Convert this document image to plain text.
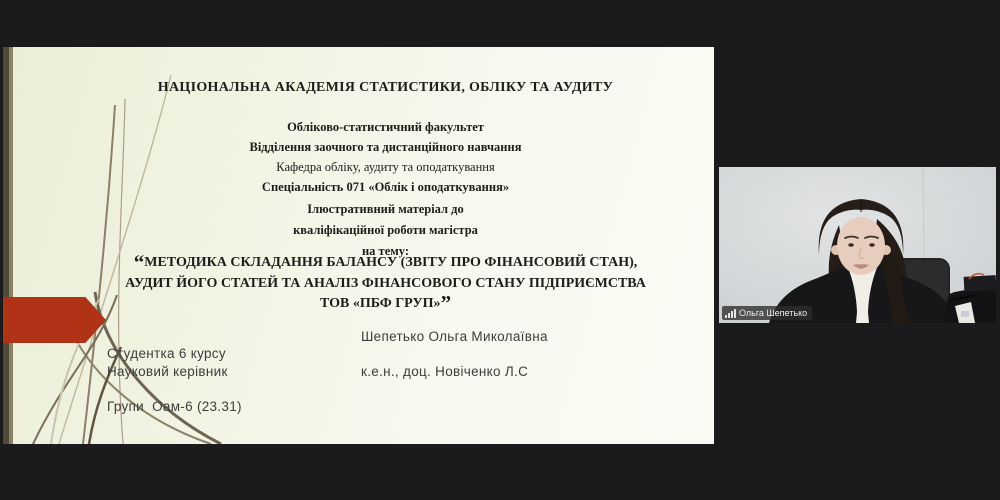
НАЦІОНАЛЬНА АКАДЕМІЯ СТАТИСТИКИ, ОБЛІКУ ТА АУДИТУ
Обліково-статистичний факультет
Відділення заочного та дистанційного навчання
Кафедра обліку, аудиту та оподаткування
Спеціальність 071 «Облік і оподаткування»
Ілюстративний матеріал до
кваліфікаційної роботи магістра
на тему:
“МЕТОДИКА СКЛАДАННЯ БАЛАНСУ (ЗВІТУ ПРО ФІНАНСОВИЙ СТАН),
АУДИТ ЙОГО СТАТЕЙ ТА АНАЛІЗ ФІНАНСОВОГО СТАНУ ПІДПРИЄМСТВА
ТОВ «ПБФ ГРУП»”

Студентка 6 курсу

Групи  Оам-6 (23.31)

Шепетько Ольга Миколаївна
Науковий керівник	к.е.н., доц. Новіченко Л.С
Ольга Шепетько
